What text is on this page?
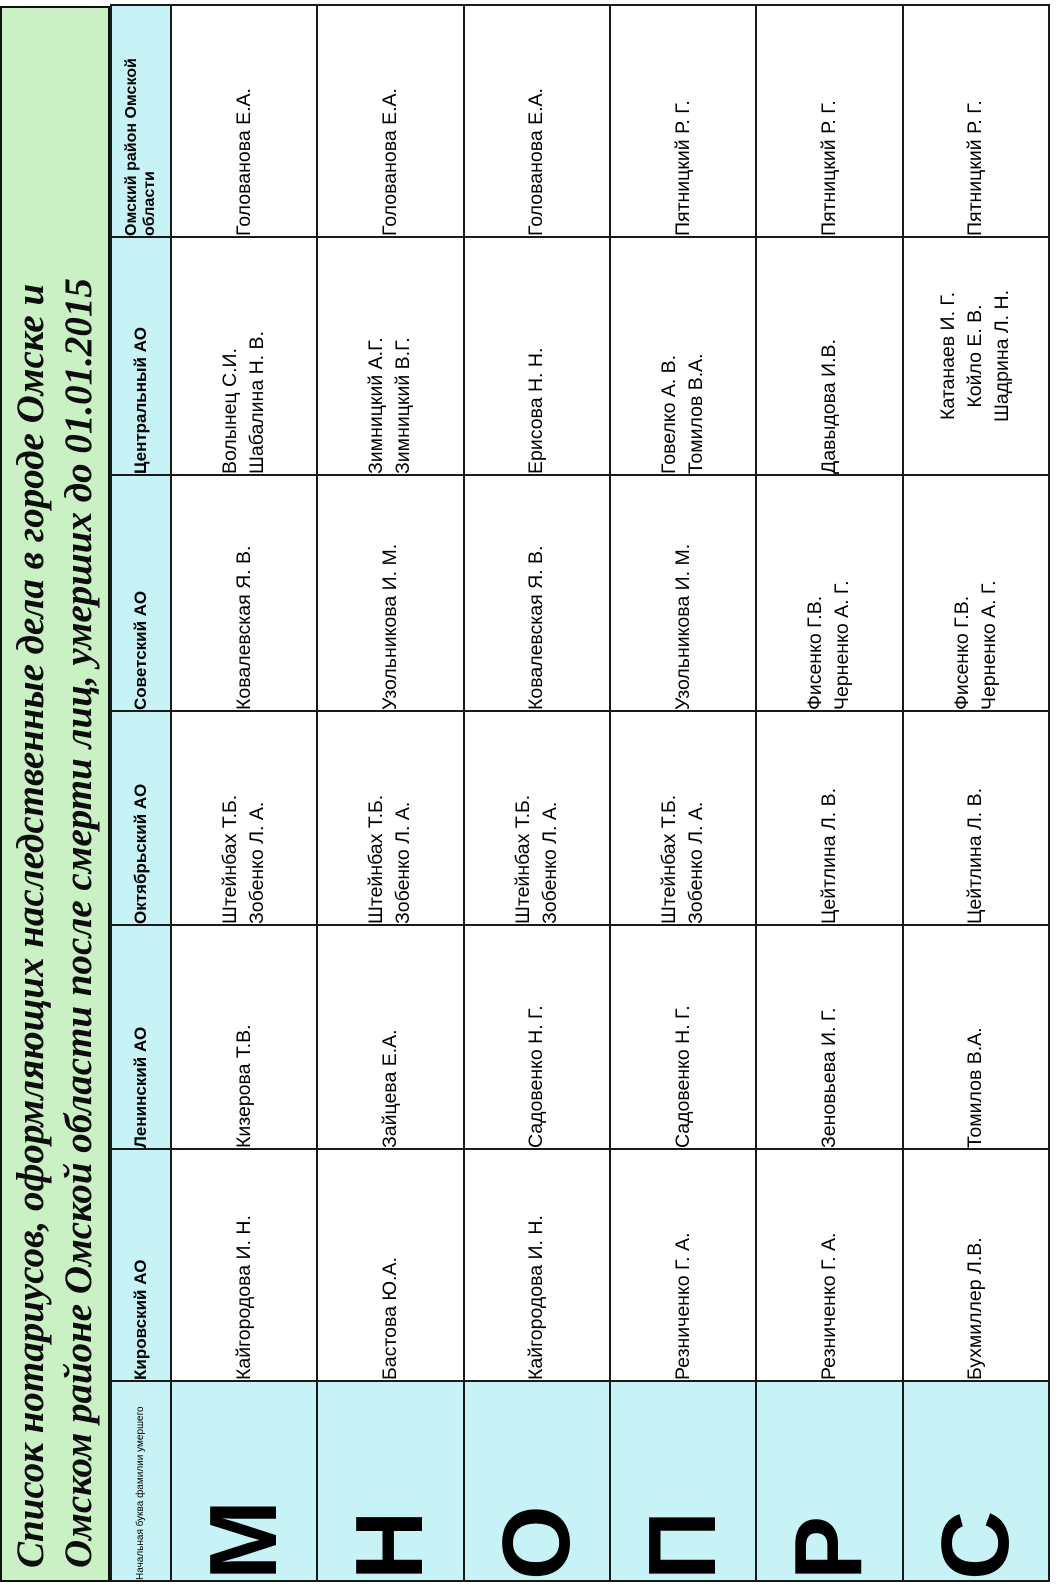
Список нотариусов, оформляющих наследственные дела в городе Омске и Омском районе Омской области после смерти лиц, умерших до 01.01.2015	Начальная буква фамилии умершего	Кировский АО	Ленинский АО	Октябрьский АО	Советский АО	Центральный АО	Омский район Омской области
М	Кайгородова И. Н.	Кизерова Т.В.	Штейнбах Т.Б. Зобенко Л. А.	Ковалевская Я. В.	Волынец С.И. Шабалина Н. В.	Голованова Е.А.

Н	Бастова Ю.А.	Зайцева Е.А.	Штейнбах Т.Б. Зобенко Л. А.	Узольникова И. М.	Зимницкий А.Г. Зимницкий В.Г.	Голованова Е.А.

О	Кайгородова И. Н.	Садовенко Н. Г.	Штейнбах Т.Б. Зобенко Л. А.	Ковалевская Я. В.	Ерисова Н. Н.	Голованова Е.А.

П	Резниченко Г. А.	Садовенко Н. Г.	Штейнбах Т.Б. Зобенко Л. А.	Узольникова И. М.	Говелко А. В. Томилов В.А.	Пятницкий Р. Г.

Р	Резниченко Г. А.	Зеновьева И. Г.	Цейтлина Л. В.	Фисенко Г.В. Черненко А. Г.	Давыдова И.В.	Пятницкий Р. Г.

С	Бухмиллер Л.В.	Томилов В.А.	Цейтлина Л. В.	Фисенко Г.В. Черненко А. Г.	Катанаев И. Г. Койло Е. В. Шадрина Л. Н.	Пятницкий Р. Г.
